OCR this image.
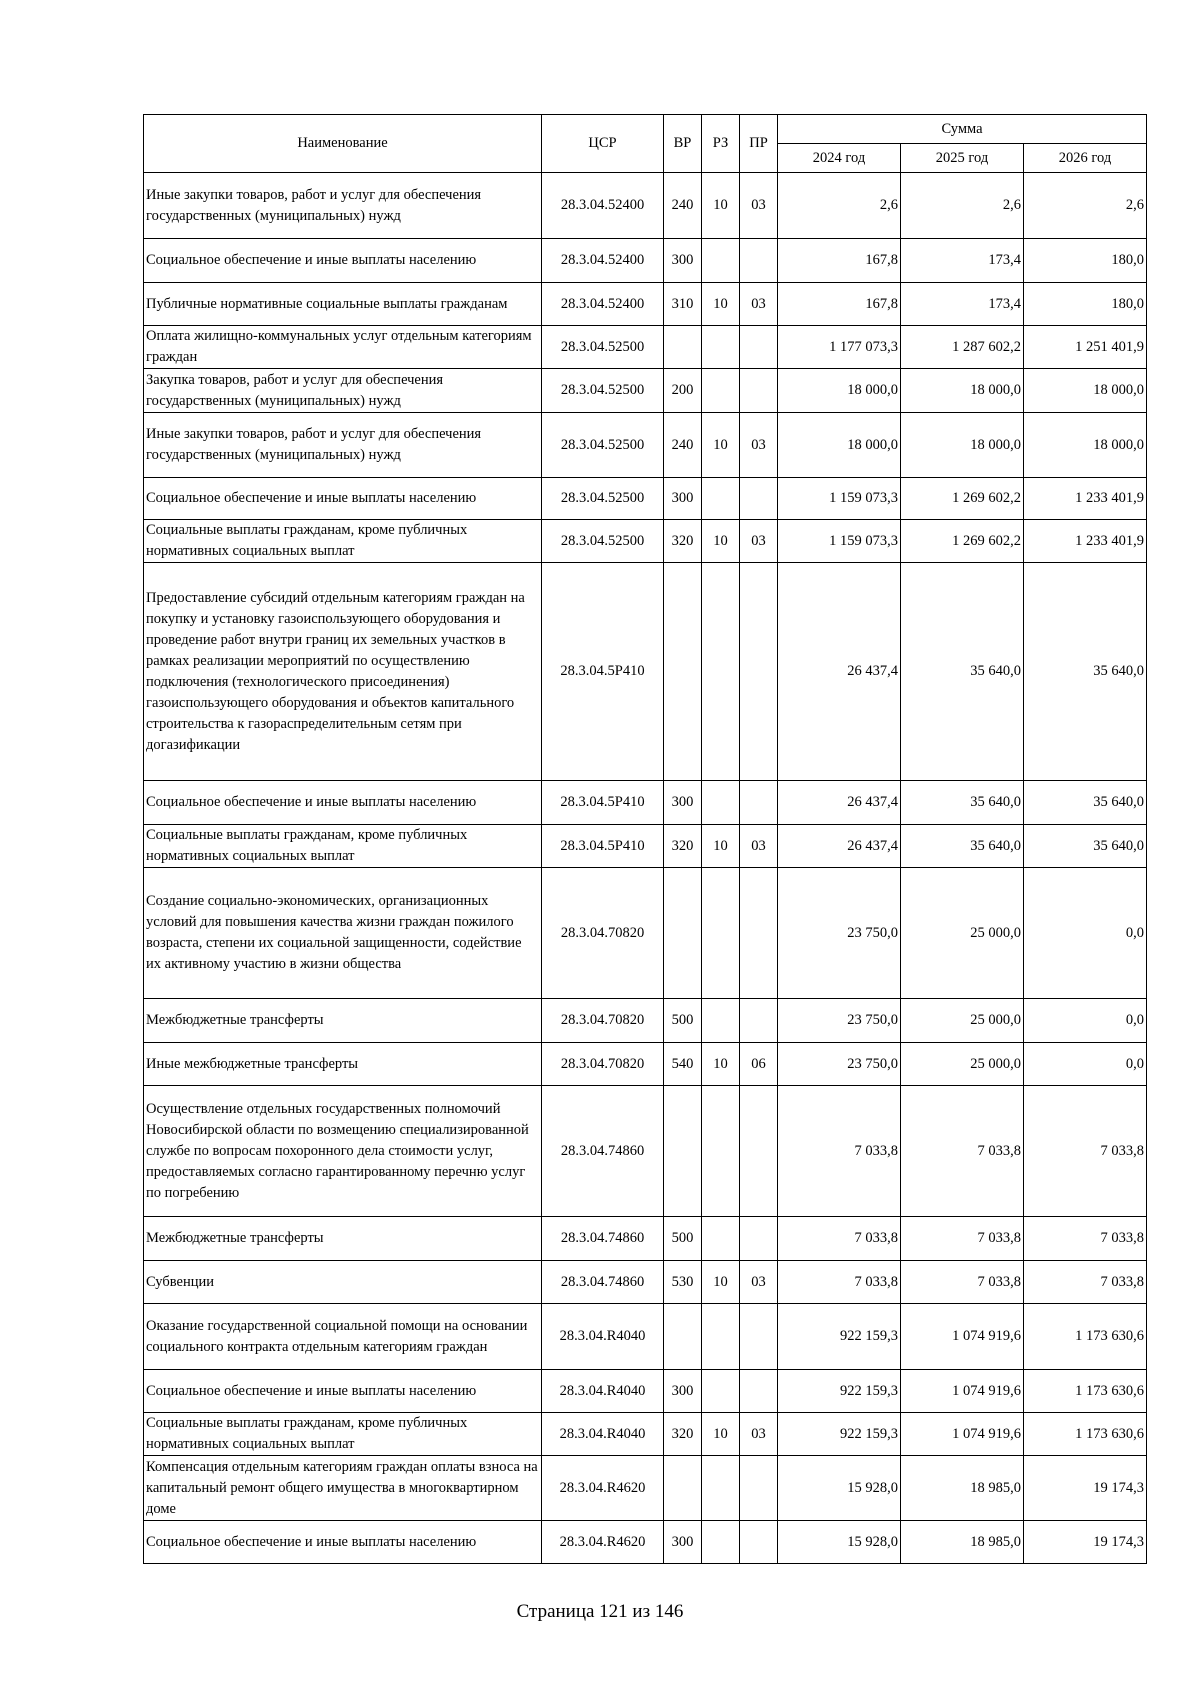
Наименование	ЦСР	ВР	РЗ	ПР	Сумма		
					2024 год	2025 год	2026 год
Иные закупки товаров, работ и услуг для обеспечения государственных (муниципальных) нужд	28.3.04.52400	240	10	03	2,6	2,6	2,6
Социальное обеспечение и иные выплаты населению	28.3.04.52400	300			167,8	173,4	180,0
Публичные нормативные социальные выплаты гражданам	28.3.04.52400	310	10	03	167,8	173,4	180,0
Оплата жилищно-коммунальных услуг отдельным категориям граждан	28.3.04.52500				1 177 073,3	1 287 602,2	1 251 401,9
Закупка товаров, работ и услуг для обеспечения государственных (муниципальных) нужд	28.3.04.52500	200			18 000,0	18 000,0	18 000,0
Иные закупки товаров, работ и услуг для обеспечения государственных (муниципальных) нужд	28.3.04.52500	240	10	03	18 000,0	18 000,0	18 000,0
Социальное обеспечение и иные выплаты населению	28.3.04.52500	300			1 159 073,3	1 269 602,2	1 233 401,9
Социальные выплаты гражданам, кроме публичных нормативных социальных выплат	28.3.04.52500	320	10	03	1 159 073,3	1 269 602,2	1 233 401,9
Предоставление субсидий отдельным категориям граждан на покупку и установку газоиспользующего оборудования и проведение работ внутри границ их земельных участков в рамках реализации мероприятий по осуществлению подключения (технологического присоединения) газоиспользующего оборудования и объектов капитального строительства к газораспределительным сетям при догазификации	28.3.04.5P410				26 437,4	35 640,0	35 640,0
Социальное обеспечение и иные выплаты населению	28.3.04.5P410	300			26 437,4	35 640,0	35 640,0
Социальные выплаты гражданам, кроме публичных нормативных социальных выплат	28.3.04.5P410	320	10	03	26 437,4	35 640,0	35 640,0
Создание социально-экономических, организационных условий для повышения качества жизни граждан пожилого возраста, степени их социальной защищенности, содействие их активному участию в жизни общества	28.3.04.70820				23 750,0	25 000,0	0,0
Межбюджетные трансферты	28.3.04.70820	500			23 750,0	25 000,0	0,0
Иные межбюджетные трансферты	28.3.04.70820	540	10	06	23 750,0	25 000,0	0,0
Осуществление отдельных государственных полномочий Новосибирской области по возмещению специализированной службе по вопросам похоронного дела стоимости услуг, предоставляемых согласно гарантированному перечню услуг по погребению	28.3.04.74860				7 033,8	7 033,8	7 033,8
Межбюджетные трансферты	28.3.04.74860	500			7 033,8	7 033,8	7 033,8
Субвенции	28.3.04.74860	530	10	03	7 033,8	7 033,8	7 033,8
Оказание государственной социальной помощи на основании социального контракта отдельным категориям граждан	28.3.04.R4040				922 159,3	1 074 919,6	1 173 630,6
Социальное обеспечение и иные выплаты населению	28.3.04.R4040	300			922 159,3	1 074 919,6	1 173 630,6
Социальные выплаты гражданам, кроме публичных нормативных социальных выплат	28.3.04.R4040	320	10	03	922 159,3	1 074 919,6	1 173 630,6
Компенсация отдельным категориям граждан оплаты взноса на капитальный ремонт общего имущества в многоквартирном доме	28.3.04.R4620				15 928,0	18 985,0	19 174,3
Социальное обеспечение и иные выплаты населению	28.3.04.R4620	300			15 928,0	18 985,0	19 174,3
Страница 121 из 146
